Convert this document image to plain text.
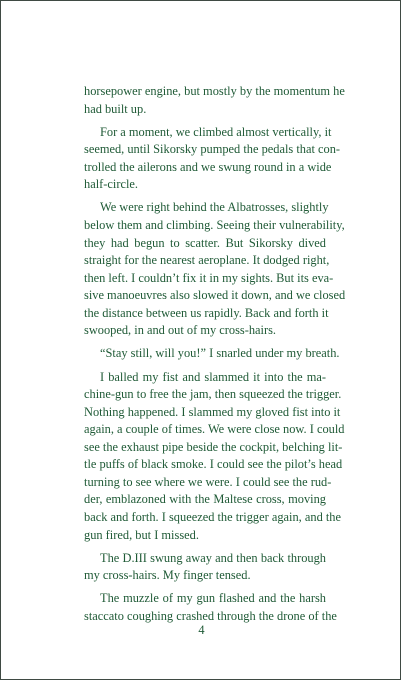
horsepower engine, but mostly by the momentum he
had built up.
For a moment, we climbed almost vertically, it
seemed, until Sikorsky pumped the pedals that con-
trolled the ailerons and we swung round in a wide
half-circle.
We were right behind the Albatrosses, slightly
below them and climbing. Seeing their vulnerability,
they had begun to scatter. But Sikorsky dived
straight for the nearest aeroplane. It dodged right,
then left. I couldn’t fix it in my sights. But its eva-
sive manoeuvres also slowed it down, and we closed
the distance between us rapidly. Back and forth it
swooped, in and out of my cross-hairs.
“Stay still, will you!” I snarled under my breath.
I balled my fist and slammed it into the ma-
chine-gun to free the jam, then squeezed the trigger.
Nothing happened. I slammed my gloved fist into it
again, a couple of times. We were close now. I could
see the exhaust pipe beside the cockpit, belching lit-
tle puffs of black smoke. I could see the pilot’s head
turning to see where we were. I could see the rud-
der, emblazoned with the Maltese cross, moving
back and forth. I squeezed the trigger again, and the
gun fired, but I missed.
The D.III swung away and then back through
my cross-hairs. My finger tensed.
The muzzle of my gun flashed and the harsh
staccato coughing crashed through the drone of the
4
